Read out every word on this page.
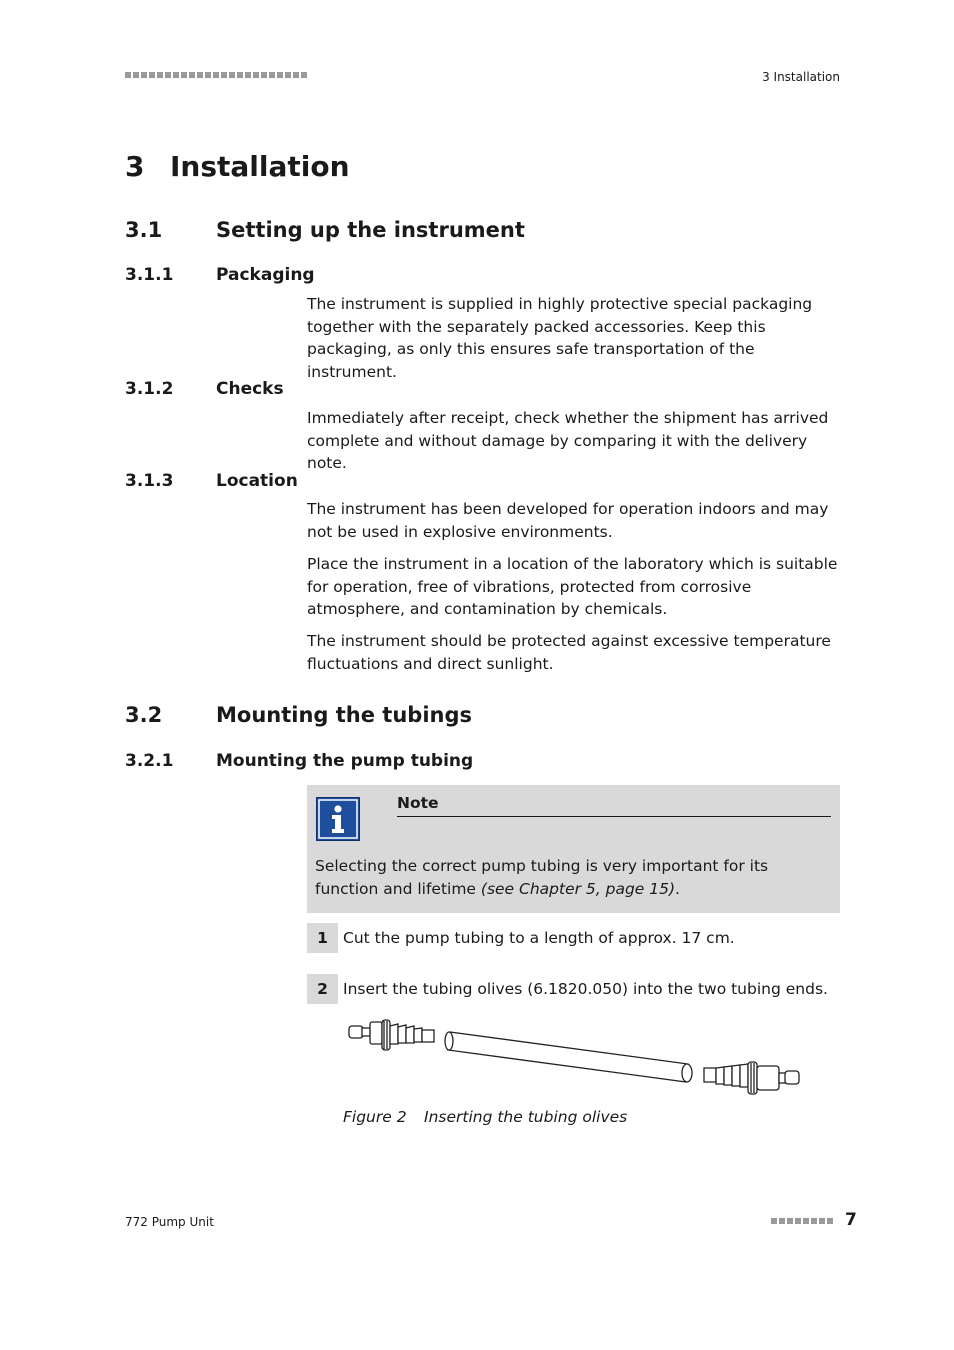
3 Installation
3 Installation
3.1	Setting up the instrument
3.1.1	Packaging

The instrument is supplied in highly protective special packaging together with the separately packed accessories. Keep this packaging, as only this ensures safe transportation of the instrument.

3.1.2	Checks

Immediately after receipt, check whether the shipment has arrived complete and without damage by comparing it with the delivery note.

3.1.3	Location

The instrument has been developed for operation indoors and may not be used in explosive environments.

Place the instrument in a location of the laboratory which is suitable for operation, free of vibrations, protected from corrosive atmosphere, and contamination by chemicals.

The instrument should be protected against excessive temperature fluctuations and direct sunlight.

3.2	Mounting the tubings
3.2.1	Mounting the pump tubing
Note
Selecting the correct pump tubing is very important for its function and lifetime (see Chapter 5, page 15).
1 Cut the pump tubing to a length of approx. 17 cm.
2 Insert the tubing olives (6.1820.050) into the two tubing ends.
Figure 2 Inserting the tubing olives
772 Pump Unit	7
